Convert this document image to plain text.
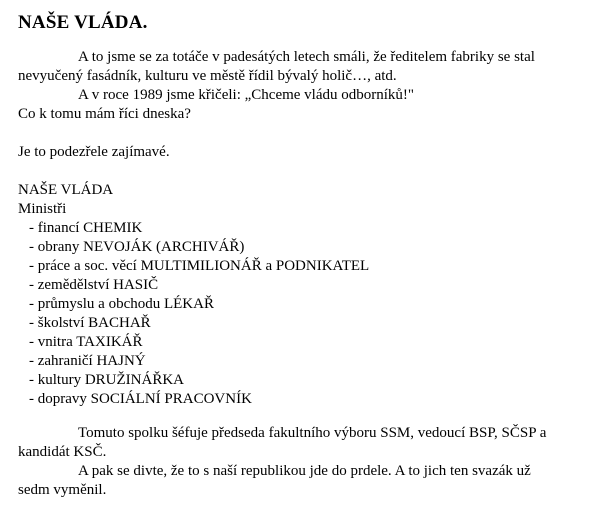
NAŠE VLÁDA.

A to jsme se za totáče v padesátých letech smáli, že ředitelem fabriky se stal

nevyučený fasádník, kulturu ve městě řídil bývalý holič…, atd.

A v roce 1989 jsme křičeli: „Chceme vládu odborníků!"

Co k tomu mám říci dneska?

Je to podezřele zajímavé.

NAŠE VLÁDA
Ministři
- financí CHEMIK
- obrany NEVOJÁK (ARCHIVÁŘ)
- práce a soc. věcí MULTIMILIONÁŘ a PODNIKATEL
- zemědělství HASIČ
- průmyslu a obchodu LÉKAŘ
- školství BACHAŘ
- vnitra TAXIKÁŘ
- zahraničí HAJNÝ
- kultury DRUŽINÁŘKA
- dopravy SOCIÁLNÍ PRACOVNÍK

Tomuto spolku šéfuje předseda fakultního výboru SSM, vedoucí BSP, SČSP a

kandidát KSČ.

A pak se divte, že to s naší republikou jde do prdele. A to jich ten svazák už

sedm vyměnil.
